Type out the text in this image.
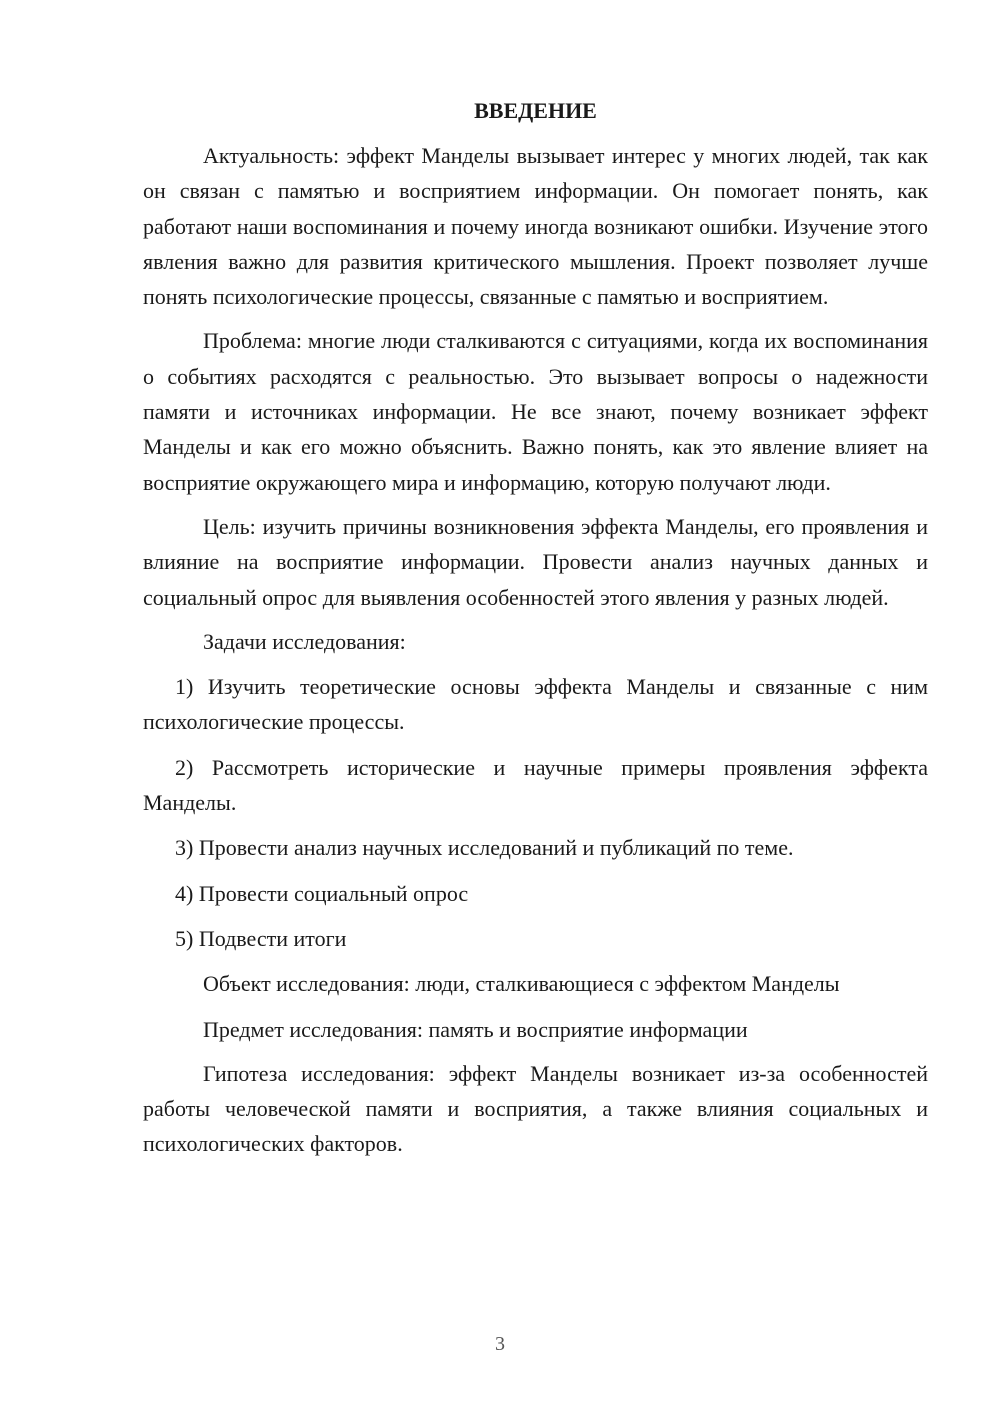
ВВЕДЕНИЕ

Актуальность: эффект Манделы вызывает интерес у многих людей, так как он связан с памятью и восприятием информации. Он помогает понять, как работают наши воспоминания и почему иногда возникают ошибки. Изучение этого явления важно для развития критического мышления. Проект позволяет лучше понять психологические процессы, связанные с памятью и восприятием.

Проблема: многие люди сталкиваются с ситуациями, когда их воспоминания о событиях расходятся с реальностью. Это вызывает вопросы о надежности памяти и источниках информации. Не все знают, почему возникает эффект Манделы и как его можно объяснить. Важно понять, как это явление влияет на восприятие окружающего мира и информацию, которую получают люди.

Цель: изучить причины возникновения эффекта Манделы, его проявления и влияние на восприятие информации. Провести анализ научных данных и социальный опрос для выявления особенностей этого явления у разных людей.

Задачи исследования:

1) Изучить теоретические основы эффекта Манделы и связанные с ним психологические процессы.

2) Рассмотреть исторические и научные примеры проявления эффекта Манделы.

3) Провести анализ научных исследований и публикаций по теме.

4) Провести социальный опрос

5) Подвести итоги

Объект исследования: люди, сталкивающиеся с эффектом Манделы

Предмет исследования: память и восприятие информации

Гипотеза исследования: эффект Манделы возникает из-за особенностей работы человеческой памяти и восприятия, а также влияния социальных и психологических факторов.

3
